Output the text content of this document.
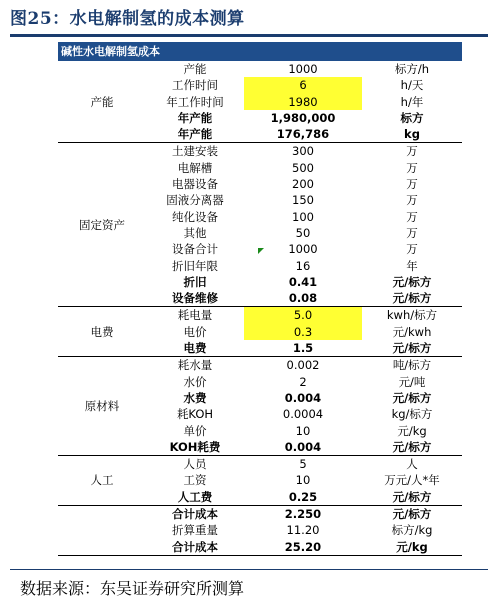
图25：水电解制氢的成本测算
碱性水电解制氢成本
产能	产能	1000	标方/h
	工作时间	6	h/天
	年工作时间	1980	h/年
	年产能	1,980,000	标方
	年产能	176,786	kg
固定资产	土建安装	300	万
	电解槽	500	万
	电器设备	200	万
	固液分离器	150	万
	纯化设备	100	万
	其他	50	万
	设备合计	1000	万
	折旧年限	16	年
	折旧	0.41	元/标方
	设备维修	0.08	元/标方
电费	耗电量	5.0	kwh/标方
	电价	0.3	元/kwh
	电费	1.5	元/标方
原材料	耗水量	0.002	吨/标方
	水价	2	元/吨
	水费	0.004	元/标方
	耗KOH	0.0004	kg/标方
	单价	10	元/kg
	KOH耗费	0.004	元/标方
人工	人员	5	人
	工资	10	万元/人*年
	人工费	0.25	元/标方
	合计成本	2.250	元/标方
	折算重量	11.20	标方/kg
	合计成本	25.20	元/kg
数据来源：东吴证券研究所测算
